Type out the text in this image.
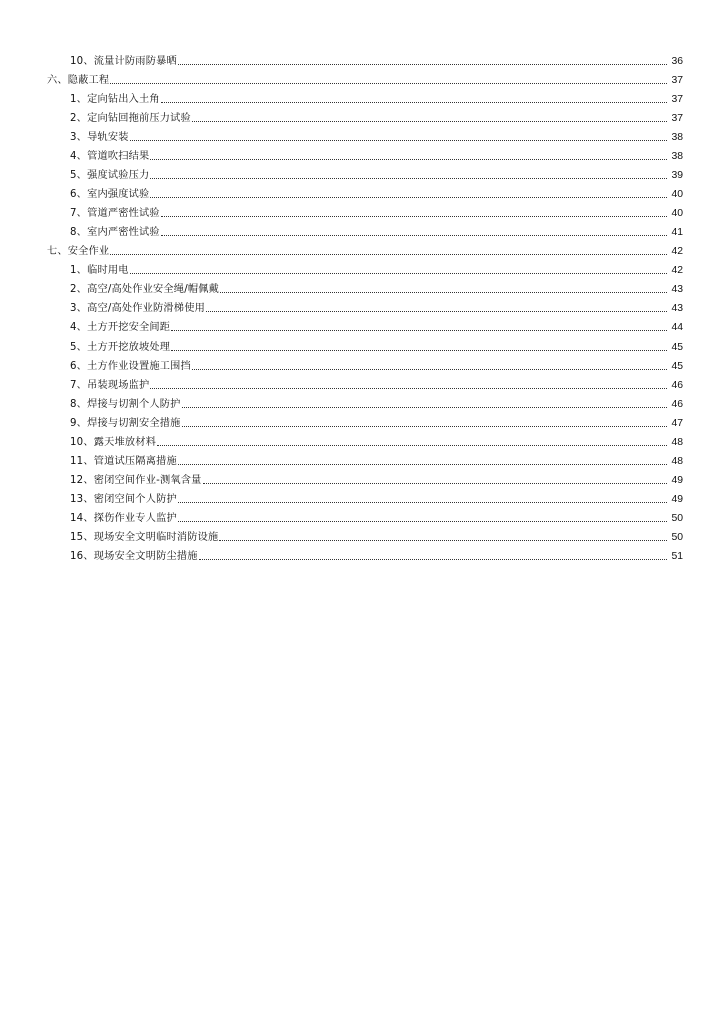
10、流量计防雨防暴晒	36
六、隐蔽工程	37
1、定向钻出入土角	37
2、定向钻回拖前压力试验	37
3、导轨安装	38
4、管道吹扫结果	38
5、强度试验压力	39
6、室内强度试验	40
7、管道严密性试验	40
8、室内严密性试验	41
七、安全作业	42
1、临时用电	42
2、高空/高处作业安全绳/帽佩戴	43
3、高空/高处作业防滑梯使用	43
4、土方开挖安全间距	44
5、土方开挖放坡处理	45
6、土方作业设置施工围挡	45
7、吊装现场监护	46
8、焊接与切割个人防护	46
9、焊接与切割安全措施	47
10、露天堆放材料	48
11、管道试压隔离措施	48
12、密闭空间作业-测氧含量	49
13、密闭空间个人防护	49
14、探伤作业专人监护	50
15、现场安全文明临时消防设施	50
16、现场安全文明防尘措施	51
